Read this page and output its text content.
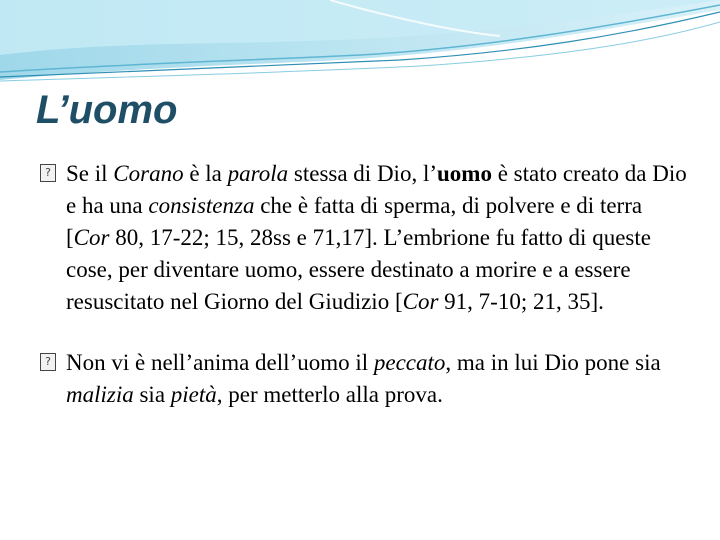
L’uomo

? Se il Corano è la parola stessa di Dio, l’uomo è stato creato da Dio e ha una consistenza che è fatta di sperma, di polvere e di terra [Cor 80, 17-22; 15, 28ss e 71,17]. L’embrione fu fatto di queste cose, per diventare uomo, essere destinato a morire e a essere resuscitato nel Giorno del Giudizio [Cor 91, 7-10; 21, 35].

? Non vi è nell’anima dell’uomo il peccato, ma in lui Dio pone sia malizia sia pietà, per metterlo alla prova.
